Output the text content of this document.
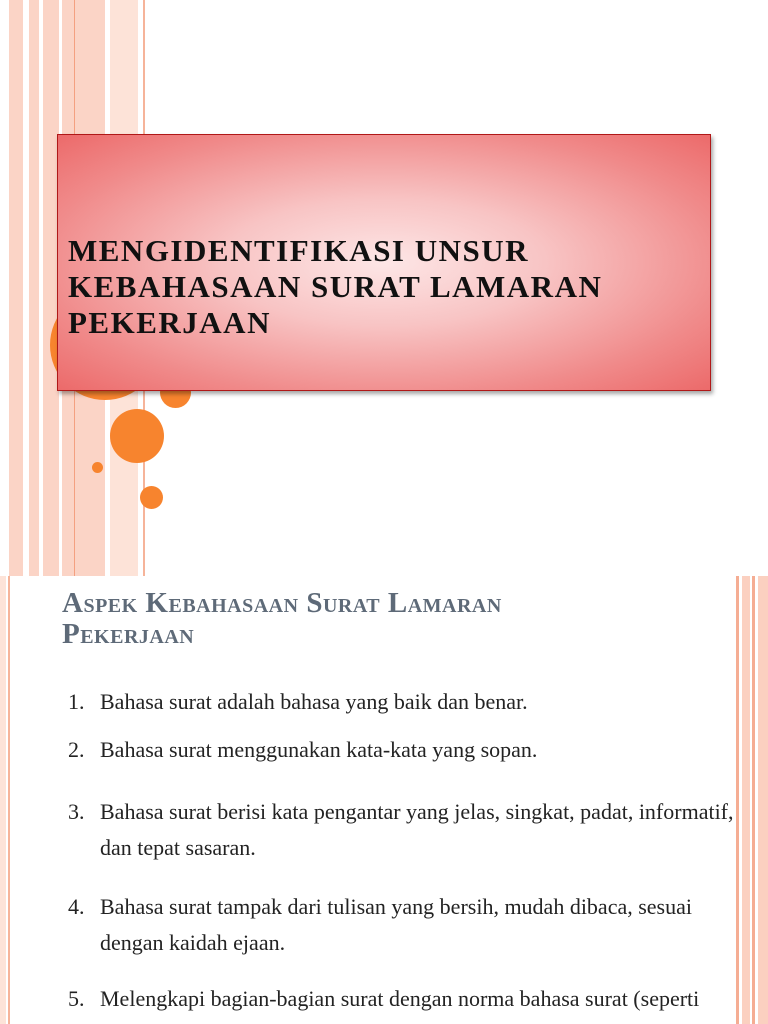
MENGIDENTIFIKASI UNSUR
KEBAHASAAN SURAT LAMARAN
PEKERJAAN
Aspek Kebahasaan Surat Lamaran
Pekerjaan
1. Bahasa surat adalah bahasa yang baik dan benar.
2. Bahasa surat menggunakan kata-kata yang sopan.
3. Bahasa surat berisi kata pengantar yang jelas, singkat, padat, informatif,
dan tepat sasaran.
4. Bahasa surat tampak dari tulisan yang bersih, mudah dibaca, sesuai
dengan kaidah ejaan.
5. Melengkapi bagian-bagian surat dengan norma bahasa surat (seperti
